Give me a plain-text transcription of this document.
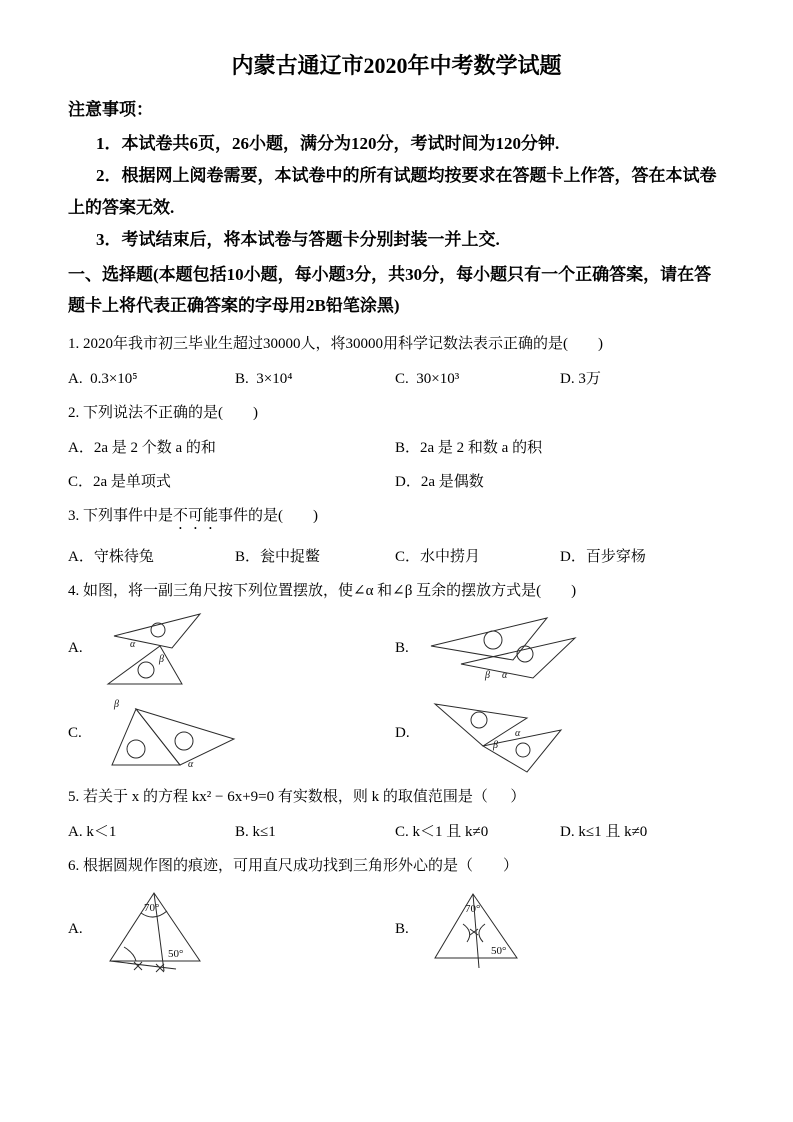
内蒙古通辽市2020年中考数学试题

注意事项：

1．本试卷共6页，26小题，满分为120分，考试时间为120分钟.

2．根据网上阅卷需要，本试卷中的所有试题均按要求在答题卡上作答，答在本试卷上的答案无效.

3．考试结束后，将本试卷与答题卡分别封装一并上交.

一、选择题(本题包括10小题，每小题3分，共30分，每小题只有一个正确答案，请在答题卡上将代表正确答案的字母用2B铅笔涂黑)

1. 2020年我市初三毕业生超过30000人，将30000用科学记数法表示正确的是(        )

A.  0.3×10⁵	B.  3×10⁴	C.  30×10³	D. 3万

2. 下列说法不正确的是(        )

A．2a 是 2 个数 a 的和	B．2a 是 2 和数 a 的积
C．2a 是单项式	D．2a 是偶数

3. 下列事件中是不可能事件的是(        )

A．守株待兔	B．瓮中捉鳖	C．水中捞月	D．百步穿杨

4. 如图，将一副三角尺按下列位置摆放，使∠α 和∠β 互余的摆放方式是(        )

A.	α
β
B.
β α
C.
β
α
D.	α
β

5. 若关于 x 的方程 kx² − 6x+9=0 有实数根，则 k 的取值范围是（      ）

A. k＜1	B. k≤1	C. k＜1 且 k≠0	D. k≤1 且 k≠0

6. 根据圆规作图的痕迹，可用直尺成功找到三角形外心的是（　　）

A.
70°
50°
B.
70°
50°
